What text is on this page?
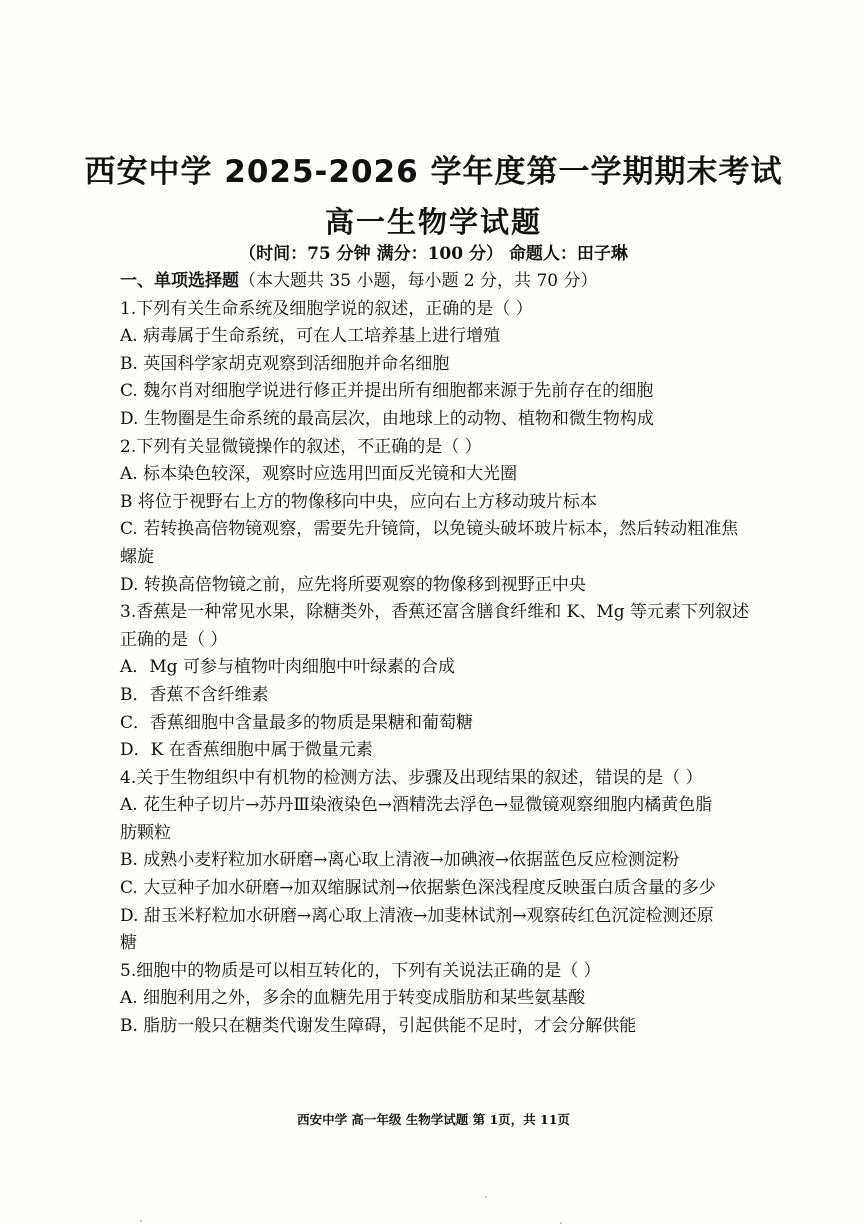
西安中学 2025-2026 学年度第一学期期末考试
高一生物学试题
（时间：75 分钟 满分：100 分） 命题人：田子琳
一、单项选择题（本大题共 35 小题，每小题 2 分，共 70 分）
1.下列有关生命系统及细胞学说的叙述，正确的是（ ）
A. 病毒属于生命系统，可在人工培养基上进行增殖
B. 英国科学家胡克观察到活细胞并命名细胞
C. 魏尔肖对细胞学说进行修正并提出所有细胞都来源于先前存在的细胞
D. 生物圈是生命系统的最高层次，由地球上的动物、植物和微生物构成
2.下列有关显微镜操作的叙述，不正确的是（ ）
A. 标本染色较深，观察时应选用凹面反光镜和大光圈
B 将位于视野右上方的物像移向中央，应向右上方移动玻片标本
C. 若转换高倍物镜观察，需要先升镜筒，以免镜头破坏玻片标本，然后转动粗准焦
螺旋
D. 转换高倍物镜之前，应先将所要观察的物像移到视野正中央
3.香蕉是一种常见水果，除糖类外，香蕉还富含膳食纤维和 K、Mg 等元素下列叙述
正确的是（ ）
A．Mg 可参与植物叶肉细胞中叶绿素的合成
B．香蕉不含纤维素
C．香蕉细胞中含量最多的物质是果糖和葡萄糖
D．K 在香蕉细胞中属于微量元素
4.关于生物组织中有机物的检测方法、步骤及出现结果的叙述，错误的是（ ）
A. 花生种子切片→苏丹Ⅲ染液染色→酒精洗去浮色→显微镜观察细胞内橘黄色脂
肪颗粒
B. 成熟小麦籽粒加水研磨→离心取上清液→加碘液→依据蓝色反应检测淀粉
C. 大豆种子加水研磨→加双缩脲试剂→依据紫色深浅程度反映蛋白质含量的多少
D. 甜玉米籽粒加水研磨→离心取上清液→加斐林试剂→观察砖红色沉淀检测还原
糖
5.细胞中的物质是可以相互转化的，下列有关说法正确的是（ ）
A. 细胞利用之外，多余的血糖先用于转变成脂肪和某些氨基酸
B. 脂肪一般只在糖类代谢发生障碍，引起供能不足时，才会分解供能
西安中学 高一年级 生物学试题 第 1页，共 11页
